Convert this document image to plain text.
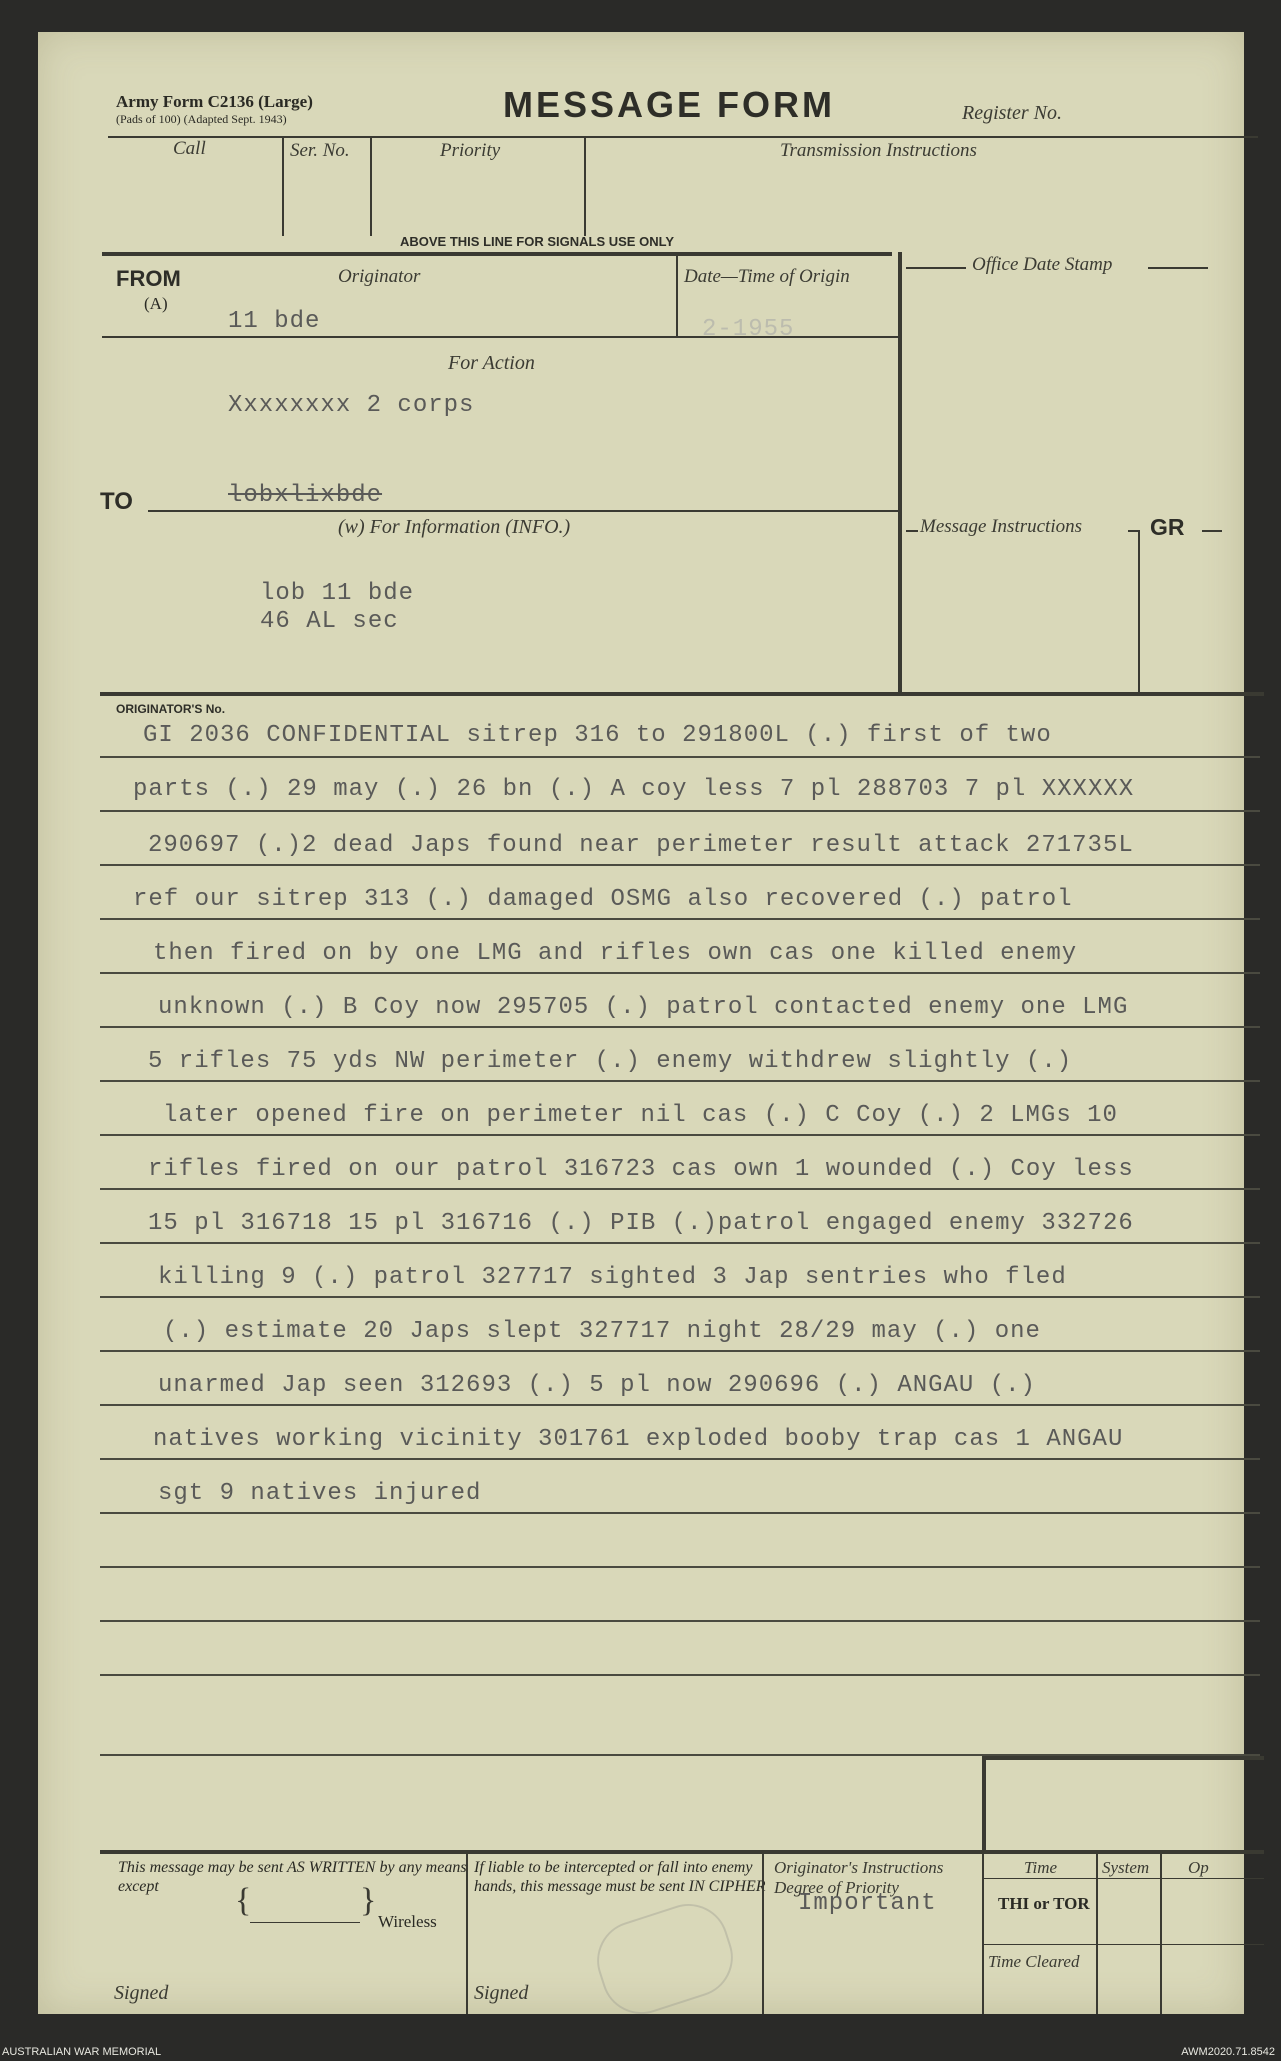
Army Form C2136 (Large)
(Pads of 100) (Adapted Sept. 1943)	MESSAGE FORM	Register No.
Call	Ser. No.	Priority	Transmission Instructions
ABOVE THIS LINE FOR SIGNALS USE ONLY
FROM
(A)
Originator
11 bde
Date—Time of Origin
2-1955
Office Date Stamp
For Action
Xxxxxxxx 2 corps
TO	lobxlixbde
(w) For Information (INFO.)
lob 11 bde
46 AL sec
Message Instructions	GR
ORIGINATOR'S No.
GI 2036 CONFIDENTIAL sitrep 316 to 291800L (.) first of two
parts (.) 29 may (.) 26 bn (.) A coy less 7 pl 288703 7 pl XXXXXX
290697 (.)2 dead Japs found near perimeter result attack 271735L
ref our sitrep 313 (.) damaged OSMG also recovered (.) patrol
then fired on by one LMG and rifles own cas one killed enemy
unknown (.) B Coy now 295705 (.) patrol contacted enemy one LMG
5 rifles 75 yds NW perimeter (.) enemy withdrew slightly (.)
later opened fire on perimeter nil cas (.) C Coy (.) 2 LMGs 10
rifles fired on our patrol 316723 cas own 1 wounded (.) Coy less
15 pl 316718 15 pl 316716 (.) PIB (.)patrol engaged enemy 332726
killing 9 (.) patrol 327717 sighted 3 Jap sentries who fled
(.) estimate 20 Japs slept 327717 night 28/29 may (.) one
unarmed Jap seen 312693 (.) 5 pl now 290696 (.) ANGAU (.)
natives working vicinity 301761 exploded booby trap cas 1 ANGAU
sgt 9 natives injured
This message may be sent AS WRITTEN by any means except	{	}
Wireless
Signed
If liable to be intercepted or fall into enemy hands, this message must be sent IN CIPHER
Signed
Originator's Instructions
Degree of Priority
Important
Time	System Op
THI or TOR
Time Cleared
AUSTRALIAN WAR MEMORIAL	AWM2020.71.8542
